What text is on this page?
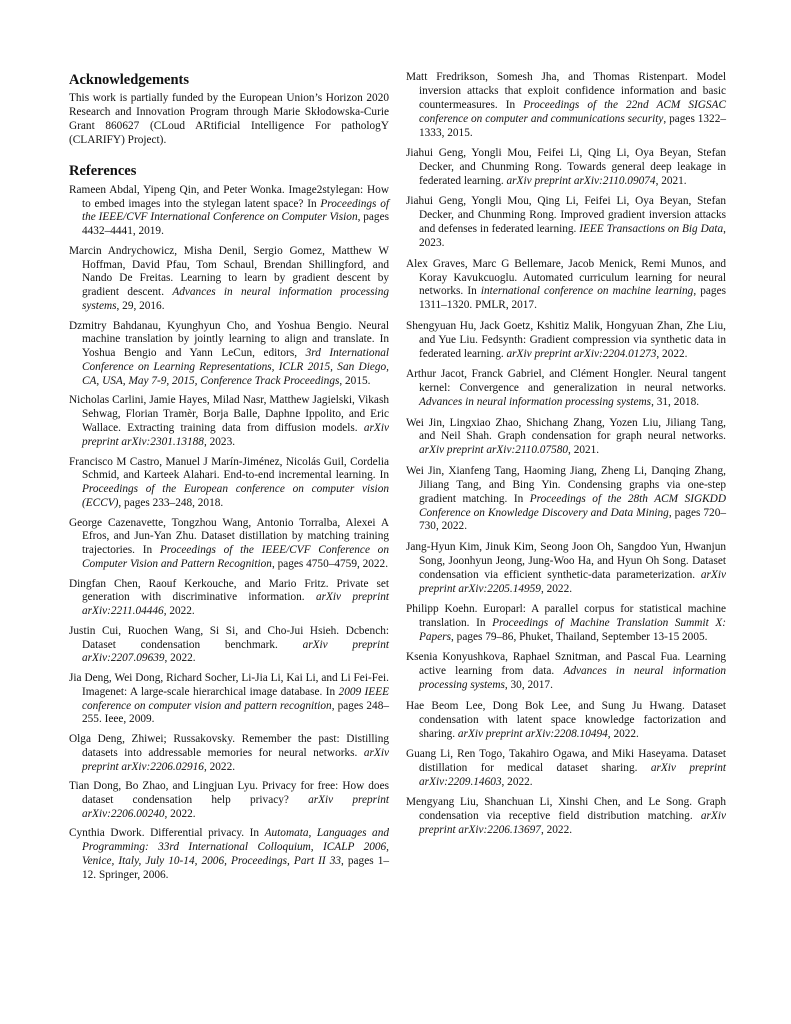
Acknowledgements

This work is partially funded by the European Union’s Horizon 2020 Research and Innovation Program through Marie Skłodowska-Curie Grant 860627 (CLoud ARtificial Intelligence For pathologY (CLARIFY) Project).

References

Rameen Abdal, Yipeng Qin, and Peter Wonka. Image2stylegan: How to embed images into the stylegan latent space? In Proceedings of the IEEE/CVF International Conference on Computer Vision, pages 4432–4441, 2019.

Marcin Andrychowicz, Misha Denil, Sergio Gomez, Matthew W Hoffman, David Pfau, Tom Schaul, Brendan Shillingford, and Nando De Freitas. Learning to learn by gradient descent by gradient descent. Advances in neural information processing systems, 29, 2016.

Dzmitry Bahdanau, Kyunghyun Cho, and Yoshua Bengio. Neural machine translation by jointly learning to align and translate. In Yoshua Bengio and Yann LeCun, editors, 3rd International Conference on Learning Representations, ICLR 2015, San Diego, CA, USA, May 7-9, 2015, Conference Track Proceedings, 2015.

Nicholas Carlini, Jamie Hayes, Milad Nasr, Matthew Jagielski, Vikash Sehwag, Florian Tramèr, Borja Balle, Daphne Ippolito, and Eric Wallace. Extracting training data from diffusion models. arXiv preprint arXiv:2301.13188, 2023.

Francisco M Castro, Manuel J Marín-Jiménez, Nicolás Guil, Cordelia Schmid, and Karteek Alahari. End-to-end incremental learning. In Proceedings of the European conference on computer vision (ECCV), pages 233–248, 2018.

George Cazenavette, Tongzhou Wang, Antonio Torralba, Alexei A Efros, and Jun-Yan Zhu. Dataset distillation by matching training trajectories. In Proceedings of the IEEE/CVF Conference on Computer Vision and Pattern Recognition, pages 4750–4759, 2022.

Dingfan Chen, Raouf Kerkouche, and Mario Fritz. Private set generation with discriminative information. arXiv preprint arXiv:2211.04446, 2022.

Justin Cui, Ruochen Wang, Si Si, and Cho-Jui Hsieh. Dcbench: Dataset condensation benchmark. arXiv preprint arXiv:2207.09639, 2022.

Jia Deng, Wei Dong, Richard Socher, Li-Jia Li, Kai Li, and Li Fei-Fei. Imagenet: A large-scale hierarchical image database. In 2009 IEEE conference on computer vision and pattern recognition, pages 248–255. Ieee, 2009.

Olga Deng, Zhiwei; Russakovsky. Remember the past: Distilling datasets into addressable memories for neural networks. arXiv preprint arXiv:2206.02916, 2022.

Tian Dong, Bo Zhao, and Lingjuan Lyu. Privacy for free: How does dataset condensation help privacy? arXiv preprint arXiv:2206.00240, 2022.

Cynthia Dwork. Differential privacy. In Automata, Languages and Programming: 33rd International Colloquium, ICALP 2006, Venice, Italy, July 10-14, 2006, Proceedings, Part II 33, pages 1–12. Springer, 2006.

Matt Fredrikson, Somesh Jha, and Thomas Ristenpart. Model inversion attacks that exploit confidence information and basic countermeasures. In Proceedings of the 22nd ACM SIGSAC conference on computer and communications security, pages 1322–1333, 2015.

Jiahui Geng, Yongli Mou, Feifei Li, Qing Li, Oya Beyan, Stefan Decker, and Chunming Rong. Towards general deep leakage in federated learning. arXiv preprint arXiv:2110.09074, 2021.

Jiahui Geng, Yongli Mou, Qing Li, Feifei Li, Oya Beyan, Stefan Decker, and Chunming Rong. Improved gradient inversion attacks and defenses in federated learning. IEEE Transactions on Big Data, 2023.

Alex Graves, Marc G Bellemare, Jacob Menick, Remi Munos, and Koray Kavukcuoglu. Automated curriculum learning for neural networks. In international conference on machine learning, pages 1311–1320. PMLR, 2017.

Shengyuan Hu, Jack Goetz, Kshitiz Malik, Hongyuan Zhan, Zhe Liu, and Yue Liu. Fedsynth: Gradient compression via synthetic data in federated learning. arXiv preprint arXiv:2204.01273, 2022.

Arthur Jacot, Franck Gabriel, and Clément Hongler. Neural tangent kernel: Convergence and generalization in neural networks. Advances in neural information processing systems, 31, 2018.

Wei Jin, Lingxiao Zhao, Shichang Zhang, Yozen Liu, Jiliang Tang, and Neil Shah. Graph condensation for graph neural networks. arXiv preprint arXiv:2110.07580, 2021.

Wei Jin, Xianfeng Tang, Haoming Jiang, Zheng Li, Danqing Zhang, Jiliang Tang, and Bing Yin. Condensing graphs via one-step gradient matching. In Proceedings of the 28th ACM SIGKDD Conference on Knowledge Discovery and Data Mining, pages 720–730, 2022.

Jang-Hyun Kim, Jinuk Kim, Seong Joon Oh, Sangdoo Yun, Hwanjun Song, Joonhyun Jeong, Jung-Woo Ha, and Hyun Oh Song. Dataset condensation via efficient synthetic-data parameterization. arXiv preprint arXiv:2205.14959, 2022.

Philipp Koehn. Europarl: A parallel corpus for statistical machine translation. In Proceedings of Machine Translation Summit X: Papers, pages 79–86, Phuket, Thailand, September 13-15 2005.

Ksenia Konyushkova, Raphael Sznitman, and Pascal Fua. Learning active learning from data. Advances in neural information processing systems, 30, 2017.

Hae Beom Lee, Dong Bok Lee, and Sung Ju Hwang. Dataset condensation with latent space knowledge factorization and sharing. arXiv preprint arXiv:2208.10494, 2022.

Guang Li, Ren Togo, Takahiro Ogawa, and Miki Haseyama. Dataset distillation for medical dataset sharing. arXiv preprint arXiv:2209.14603, 2022.

Mengyang Liu, Shanchuan Li, Xinshi Chen, and Le Song. Graph condensation via receptive field distribution matching. arXiv preprint arXiv:2206.13697, 2022.
